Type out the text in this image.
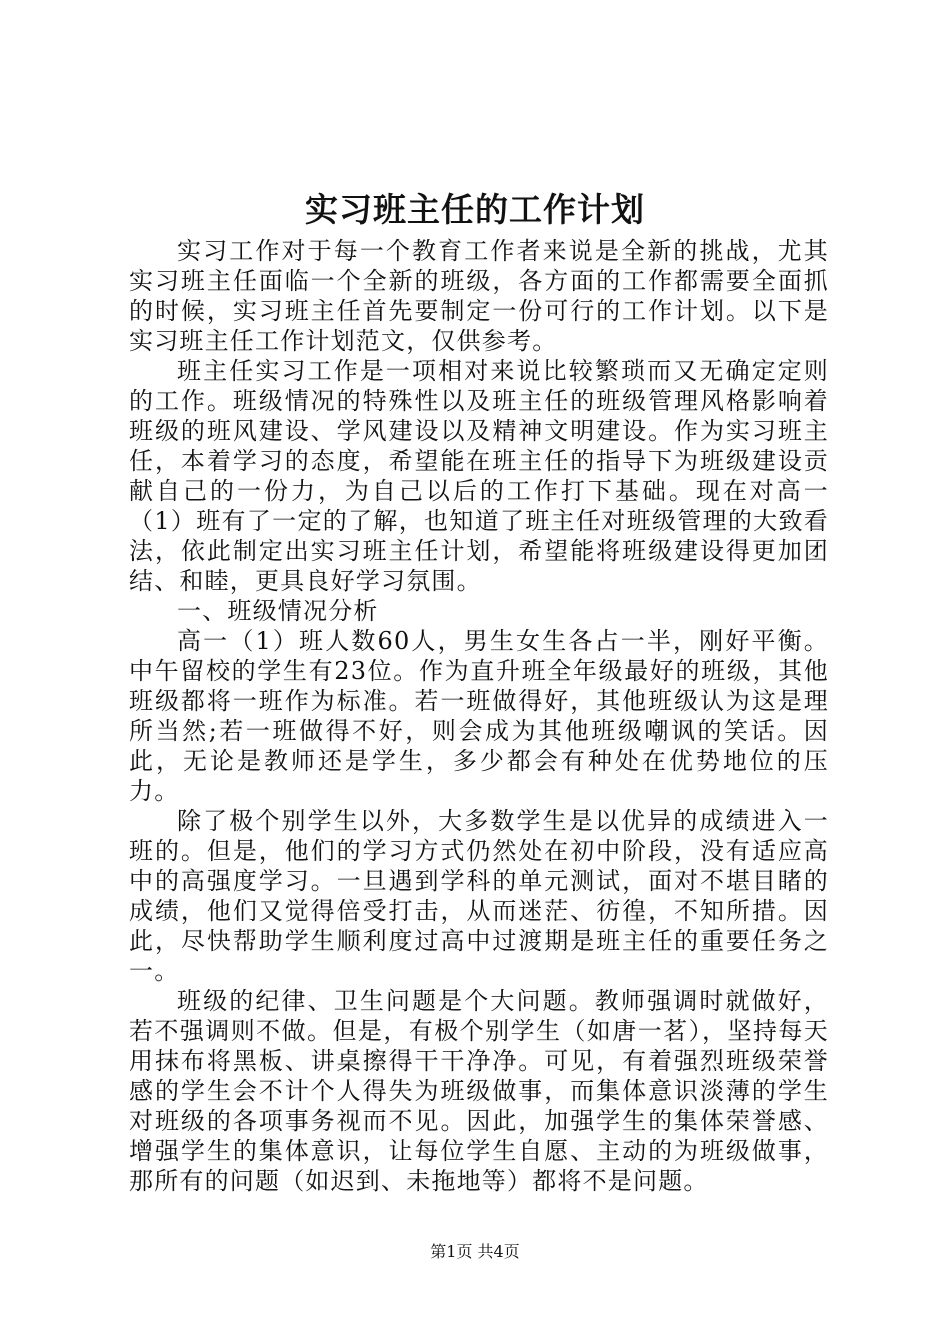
实习班主任的工作计划

实习工作对于每一个教育工作者来说是全新的挑战，尤其实习班主任面临一个全新的班级，各方面的工作都需要全面抓的时候，实习班主任首先要制定一份可行的工作计划。以下是实习班主任工作计划范文，仅供参考。

班主任实习工作是一项相对来说比较繁琐而又无确定定则的工作。班级情况的特殊性以及班主任的班级管理风格影响着班级的班风建设、学风建设以及精神文明建设。作为实习班主任，本着学习的态度，希望能在班主任的指导下为班级建设贡献自己的一份力，为自己以后的工作打下基础。现在对高一（1）班有了一定的了解，也知道了班主任对班级管理的大致看法，依此制定出实习班主任计划，希望能将班级建设得更加团结、和睦，更具良好学习氛围。

一、班级情况分析

高一（1）班人数60人，男生女生各占一半，刚好平衡。中午留校的学生有23位。作为直升班全年级最好的班级，其他班级都将一班作为标准。若一班做得好，其他班级认为这是理所当然;若一班做得不好，则会成为其他班级嘲讽的笑话。因此，无论是教师还是学生，多少都会有种处在优势地位的压力。

除了极个别学生以外，大多数学生是以优异的成绩进入一班的。但是，他们的学习方式仍然处在初中阶段，没有适应高中的高强度学习。一旦遇到学科的单元测试，面对不堪目睹的成绩，他们又觉得倍受打击，从而迷茫、彷徨，不知所措。因此，尽快帮助学生顺利度过高中过渡期是班主任的重要任务之一。

班级的纪律、卫生问题是个大问题。教师强调时就做好，若不强调则不做。但是，有极个别学生（如唐一茗），坚持每天用抹布将黑板、讲桌擦得干干净净。可见，有着强烈班级荣誉感的学生会不计个人得失为班级做事，而集体意识淡薄的学生对班级的各项事务视而不见。因此，加强学生的集体荣誉感、增强学生的集体意识，让每位学生自愿、主动的为班级做事，那所有的问题（如迟到、未拖地等）都将不是问题。

第1页 共4页
